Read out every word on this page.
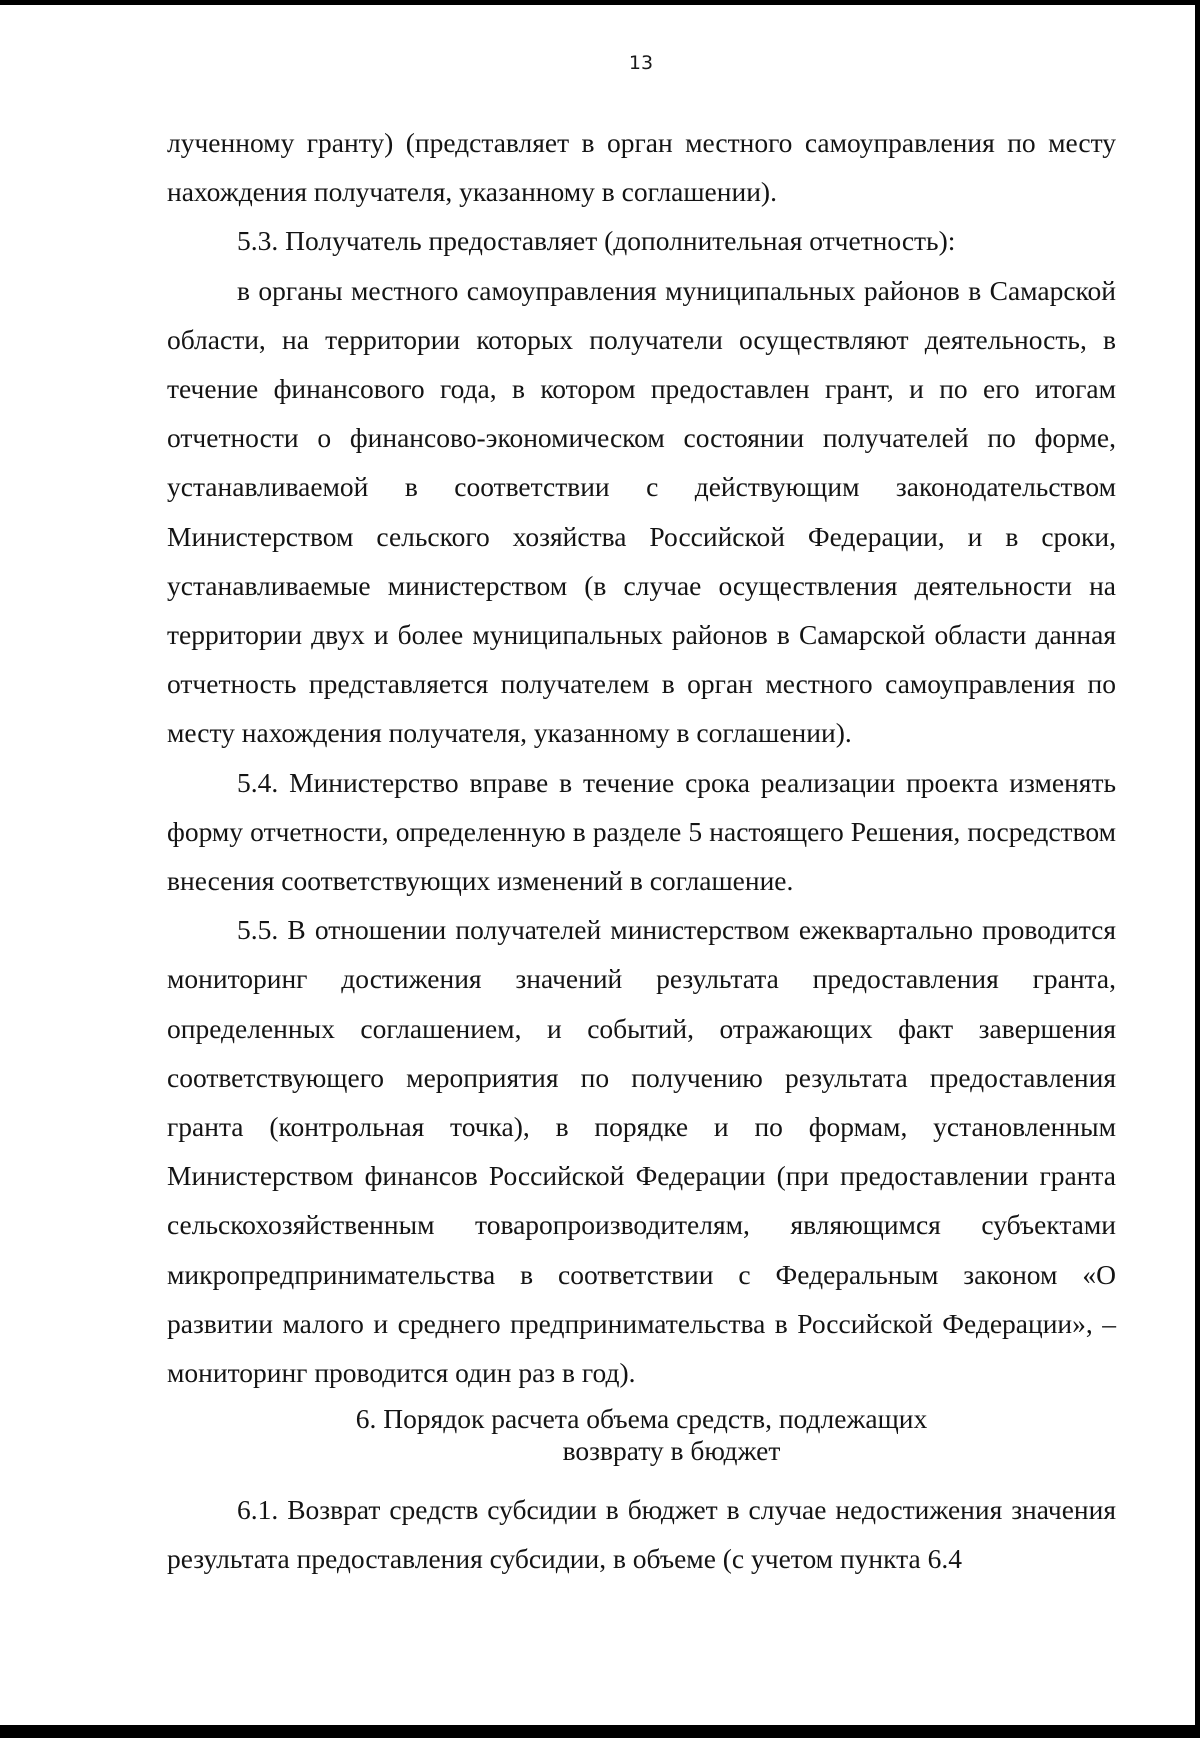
13

лученному гранту) (представляет в орган местного самоуправления по месту нахождения получателя, указанному в соглашении).

5.3. Получатель предоставляет (дополнительная отчетность):

в органы местного самоуправления муниципальных районов в Самарской области, на территории которых получатели осуществляют деятельность, в течение финансового года, в котором предоставлен грант, и по его итогам отчетности о финансово-экономическом состоянии получателей по форме, устанавливаемой в соответствии с действующим законодательством Министерством сельского хозяйства Российской Федерации, и в сроки, устанавливаемые министерством (в случае осуществления деятельности на территории двух и более муниципальных районов в Самарской области данная отчетность представляется получателем в орган местного самоуправления по месту нахождения получателя, указанному в соглашении).

5.4. Министерство вправе в течение срока реализации проекта изменять форму отчетности, определенную в разделе 5 настоящего Решения, посредством внесения соответствующих изменений в соглашение.

5.5. В отношении получателей министерством ежеквартально проводится мониторинг достижения значений результата предоставления гранта, определенных соглашением, и событий, отражающих факт завершения соответствующего мероприятия по получению результата предоставления гранта (контрольная точка), в порядке и по формам, установленным Министерством финансов Российской Федерации (при предоставлении гранта сельскохозяйственным товаропроизводителям, являющимся субъектами микропредпринимательства в соответствии с Федеральным законом «О развитии малого и среднего предпринимательства в Российской Федерации», – мониторинг проводится один раз в год).

6. Порядок расчета объема средств, подлежащих
возврату в бюджет

6.1. Возврат средств субсидии в бюджет в случае недостижения значения результата предоставления субсидии, в объеме (с учетом пункта 6.4
